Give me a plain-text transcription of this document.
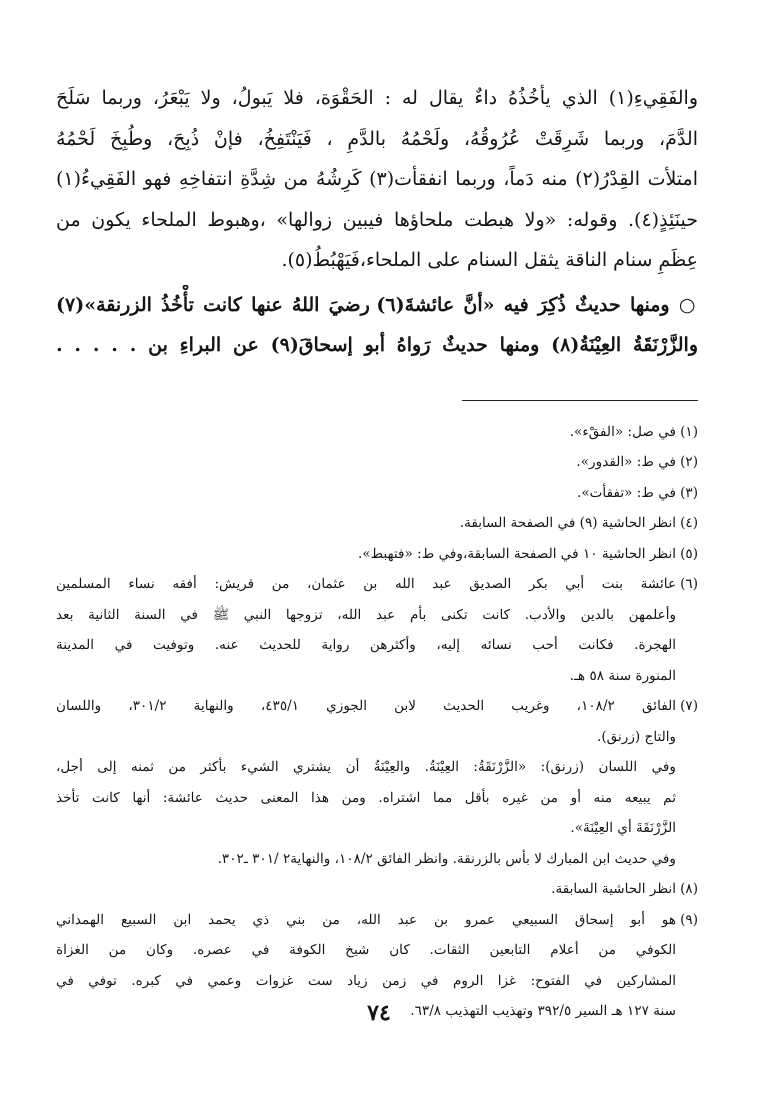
والفَقِيءِ(١) الذي يأخُذُهُ داءٌ يقال له : الحَقْوَة، فلا يَبولُ، ولا يَبْعَرُ، وربما سَلَحَ
الدَّمَ، وربما شَرِقَتْ عُرُوقُهُ، ولَحْمُهُ بالدَّمِ ، فَيَنْتَفِخُ، فإنْ ذُبِحَ، وطُبِخَ لَحْمُهُ
امتلأت القِدْرُ(٢) منه دَماً، وربما انفقأت(٣) كَرِشُهُ من شِدَّةِ انتفاخِهِ فهو الفَقِيءُ(١)
حينَئِذٍ(٤). وقوله: «ولا هبطت ملحاؤها فيبين زوالها» ،وهبوط الملحاء يكون من
عِظَمِ سنام الناقة يثقل السنام على الملحاء،فَيَهْبُطُ(٥).
○ ومنها حديثٌ ذُكِرَ فيه «أنَّ عائشةَ(٦) رضيَ اللهُ عنها كانت تأْخُذُ الزرنقة»(٧)
والزَّرْنَقَةُ العِيْنَةُ(٨) ومنها حديثٌ رَواهُ أبو إسحاقَ(٩) عن البراءِ بن . . . . .
(١)
في صل: «الفقْء».
(٢)
في ط: «القدور».
(٣)
في ط: «تفقأت».
(٤)
انظر الحاشية (٩) في الصفحة السابقة.
(٥)
انظر الحاشية ١٠ في الصفحة السابقة،وفي ط: «فتهبط».
(٦)
عائشة بنت أبي بكر الصديق عبد الله بن عثمان، من قريش: أفقه نساء المسلمين
وأعلمهن بالدين والأدب. كانت تكنى بأم عبد الله، تزوجها النبي ﷺ في السنة الثانية بعد
الهجرة. فكانت أحب نسائه إليه، وأكثرهن رواية للحديث عنه. وتوفيت في المدينة
المنورة سنة ٥٨ هـ.
(٧)
الفائق ١٠٨/٢، وغريب الحديث لابن الجوزي ٤٣٥/١، والنهاية ٣٠١/٢، واللسان
والتاج (زرنق).
وفي اللسان (زرنق): «الزَّرْنَقَةُ: العِيْنَةُ. والعِيْنَةُ أن يشتري الشيء بأكثر من ثمنه إلى أجل،
ثم يبيعه منه أو من غيره بأقل مما اشتراه. ومن هذا المعنى حديث عائشة: أنها كانت تأخذ
الزَّرْنَقَةَ أي العِيْنَةَ».
وفي حديث ابن المبارك لا بأس بالزرنقة. وانظر الفائق ١٠٨/٢، والنهاية٢ /٣٠١ ـ٣٠٢.
(٨)
انظر الحاشية السابقة.
(٩)
هو أبو إسحاق السبيعي عمرو بن عبد الله، من بني ذي يحمد ابن السبيع الهمداني
الكوفي من أعلام التابعين الثقات. كان شيخ الكوفة في عصره. وكان من الغزاة
المشاركين في الفتوح: غزا الروم في زمن زياد ست غزوات وعمي في كبره. توفي في
سنة ١٢٧ هـ السير ٣٩٢/٥ وتهذيب التهذيب ٦٣/٨.
٧٤
